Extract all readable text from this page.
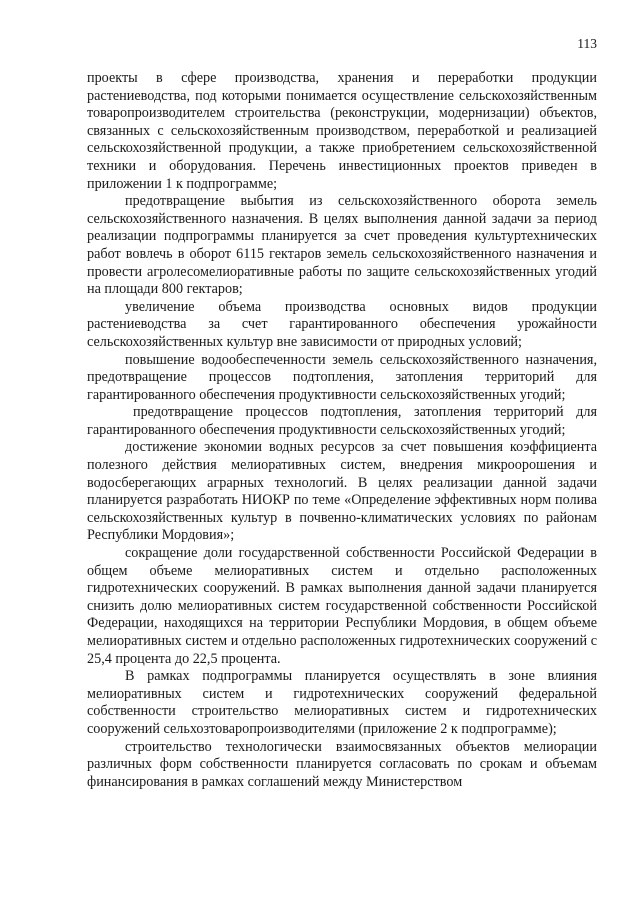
113

проекты в сфере производства, хранения и переработки продукции растениеводства, под которыми понимается осуществление сельскохозяйственным товаропроизводителем строительства (реконструкции, модернизации) объектов, связанных с сельскохозяйственным производством, переработкой и реализацией сельскохозяйственной продукции, а также приобретением сельскохозяйственной техники и оборудования. Перечень инвестиционных проектов приведен в приложении 1 к подпрограмме;

предотвращение выбытия из сельскохозяйственного оборота земель сельскохозяйственного назначения. В целях выполнения данной задачи за период реализации подпрограммы планируется за счет проведения культуртехнических работ вовлечь в оборот 6115 гектаров земель сельскохозяйственного назначения и провести агролесомелиоративные работы по защите сельскохозяйственных угодий на площади 800 гектаров;

увеличение объема производства основных видов продукции растениеводства за счет гарантированного обеспечения урожайности сельскохозяйственных культур вне зависимости от природных условий;

повышение водообеспеченности земель сельскохозяйственного назначения, предотвращение процессов подтопления, затопления территорий для гарантированного обеспечения продуктивности сельскохозяйственных угодий;

предотвращение процессов подтопления, затопления территорий для гарантированного обеспечения продуктивности сельскохозяйственных угодий;

достижение экономии водных ресурсов за счет повышения коэффициента полезного действия мелиоративных систем, внедрения микроорошения и водосберегающих аграрных технологий. В целях реализации данной задачи планируется разработать НИОКР по теме «Определение эффективных норм полива сельскохозяйственных культур в почвенно-климатических условиях по районам Республики Мордовия»;

сокращение доли государственной собственности Российской Федерации в общем объеме мелиоративных систем и отдельно расположенных гидротехнических сооружений. В рамках выполнения данной задачи планируется снизить долю мелиоративных систем государственной собственности Российской Федерации, находящихся на территории Республики Мордовия, в общем объеме мелиоративных систем и отдельно расположенных гидротехнических сооружений с 25,4 процента до 22,5 процента.

В рамках подпрограммы планируется осуществлять в зоне влияния мелиоративных систем и гидротехнических сооружений федеральной собственности строительство мелиоративных систем и гидротехнических сооружений сельхозтоваропроизводителями (приложение 2 к подпрограмме);

строительство технологически взаимосвязанных объектов мелиорации различных форм собственности планируется согласовать по срокам и объемам финансирования в рамках соглашений между Министерством
